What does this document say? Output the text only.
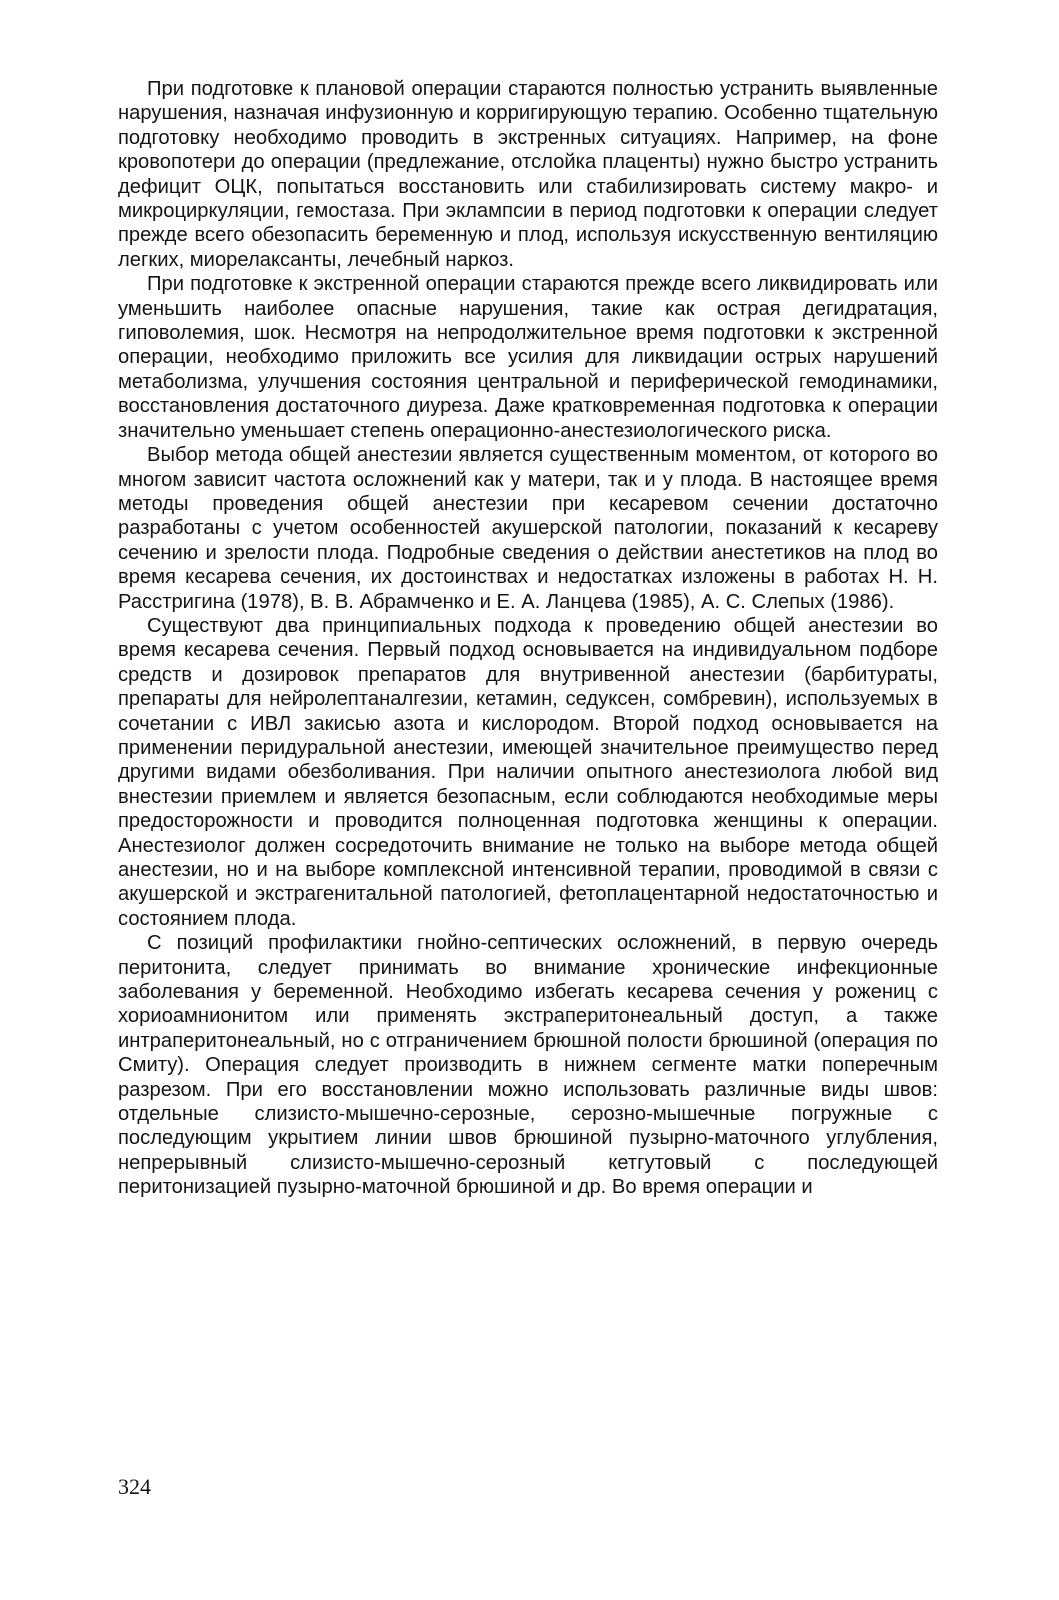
При подготовке к плановой операции стараются полностью устранить выявленные нарушения, назначая инфузионную и корригирующую терапию. Особенно тщательную подготовку необходимо проводить в экстренных ситуациях. Например, на фоне кровопотери до операции (предлежание, отслойка плаценты) нужно быстро устранить дефицит ОЦК, попытаться восстановить или стабилизировать систему макро- и микроциркуляции, гемостаза. При эклампсии в период подготовки к операции следует прежде всего обезопасить беременную и плод, используя искусственную вентиляцию легких, миорелаксанты, лечебный наркоз.

При подготовке к экстренной операции стараются прежде всего ликвидировать или уменьшить наиболее опасные нарушения, такие как острая дегидратация, гиповолемия, шок. Несмотря на непродолжительное время подготовки к экстренной операции, необходимо приложить все усилия для ликвидации острых нарушений метаболизма, улучшения состояния центральной и периферической гемодинамики, восстановления достаточного диуреза. Даже кратковременная подготовка к операции значительно уменьшает степень операционно-анестезиологического риска.

Выбор метода общей анестезии является существенным моментом, от которого во многом зависит частота осложнений как у матери, так и у плода. В настоящее время методы проведения общей анестезии при кесаревом сечении достаточно разработаны с учетом особенностей акушерской патологии, показаний к кесареву сечению и зрелости плода. Подробные сведения о действии анестетиков на плод во время кесарева сечения, их достоинствах и недостатках изложены в работах Н. Н. Расстригина (1978), В. В. Абрамченко и Е. А. Ланцева (1985), А. С. Слепых (1986).

Существуют два принципиальных подхода к проведению общей анестезии во время кесарева сечения. Первый подход основывается на индивидуальном подборе средств и дозировок препаратов для внутривенной анестезии (барбитураты, препараты для нейролептаналгезии, кетамин, седуксен, сомбревин), используемых в сочетании с ИВЛ закисью азота и кислородом. Второй подход основывается на применении перидуральной анестезии, имеющей значительное преимущество перед другими видами обезболивания. При наличии опытного анестезиолога любой вид внестезии приемлем и является безопасным, если соблюдаются необходимые меры предосторожности и проводится полноценная подготовка женщины к операции. Анестезиолог должен сосредоточить внимание не только на выборе метода общей анестезии, но и на выборе комплексной интенсивной терапии, проводимой в связи с акушерской и экстрагенитальной патологией, фетоплацентарной недостаточностью и состоянием плода.

С позиций профилактики гнойно-септических осложнений, в первую очередь перитонита, следует принимать во внимание хронические инфекционные заболевания у беременной. Необходимо избегать кесарева сечения у рожениц с хориоамнионитом или применять экстраперитонеальный доступ, а также интраперитонеальный, но с отграничением брюшной полости брюшиной (операция по Смиту). Операция следует производить в нижнем сегменте матки поперечным разрезом. При его восстановлении можно использовать различные виды швов: отдельные слизисто-мышечно-серозные, серозно-мышечные погружные с последующим укрытием линии швов брюшиной пузырно-маточного углубления, непрерывный слизисто-мышечно-серозный кетгутовый с последующей перитонизацией пузырно-маточной брюшиной и др. Во время операции и

324
